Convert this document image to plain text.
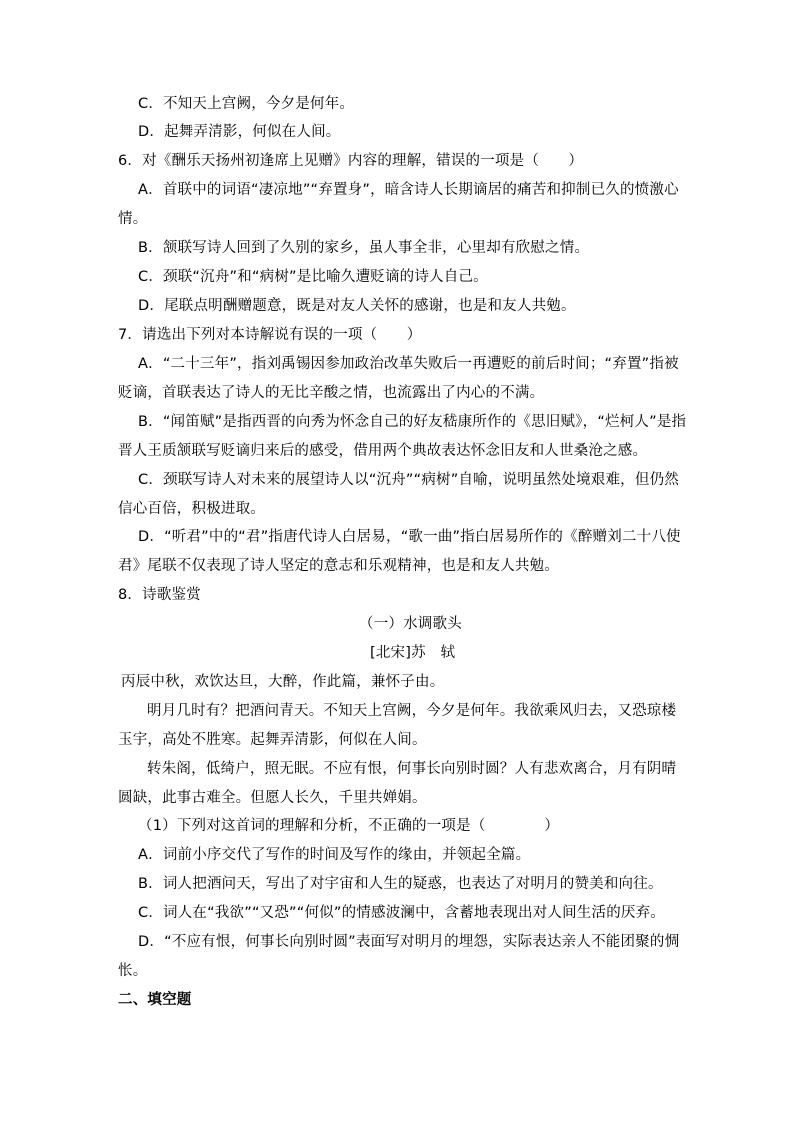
C．不知天上宫阙，今夕是何年。
D．起舞弄清影，何似在人间。
6．对《酬乐天扬州初逢席上见赠》内容的理解，错误的一项是（　　）
A．首联中的词语“凄凉地”“弃置身”，暗含诗人长期谪居的痛苦和抑制已久的愤激心
情。
B．颔联写诗人回到了久别的家乡，虽人事全非，心里却有欣慰之情。
C．颈联“沉舟”和“病树”是比喻久遭贬谪的诗人自己。
D．尾联点明酬赠题意，既是对友人关怀的感谢，也是和友人共勉。
7．请选出下列对本诗解说有误的一项（　　）
A．“二十三年”，指刘禹锡因参加政治改革失败后一再遭贬的前后时间；“弃置”指被
贬谪，首联表达了诗人的无比辛酸之情，也流露出了内心的不满。
B．“闻笛赋”是指西晋的向秀为怀念自己的好友嵇康所作的《思旧赋》，“烂柯人”是指
晋人王质颔联写贬谪归来后的感受，借用两个典故表达怀念旧友和人世桑沧之感。
C．颈联写诗人对未来的展望诗人以“沉舟”“病树”自喻，说明虽然处境艰难，但仍然
信心百倍，积极进取。
D．“听君”中的“君”指唐代诗人白居易，“歌一曲”指白居易所作的《醉赠刘二十八使
君》尾联不仅表现了诗人坚定的意志和乐观精神，也是和友人共勉。
8．诗歌鉴赏
（一）水调歌头
[北宋]苏　轼
丙辰中秋，欢饮达旦，大醉，作此篇，兼怀子由。
明月几时有？把酒问青天。不知天上宫阙，今夕是何年。我欲乘风归去，又恐琼楼
玉宇，高处不胜寒。起舞弄清影，何似在人间。
转朱阁，低绮户，照无眠。不应有恨，何事长向别时圆？人有悲欢离合，月有阴晴
圆缺，此事古难全。但愿人长久，千里共婵娟。
（1）下列对这首词的理解和分析，不正确的一项是（　　　　）
A．词前小序交代了写作的时间及写作的缘由，并领起全篇。
B．词人把酒问天，写出了对宇宙和人生的疑惑，也表达了对明月的赞美和向往。
C．词人在“我欲”“又恐”“何似”的情感波澜中，含蓄地表现出对人间生活的厌弃。
D．“不应有恨，何事长向别时圆”表面写对明月的埋怨，实际表达亲人不能团聚的惆
怅。
二、填空题
